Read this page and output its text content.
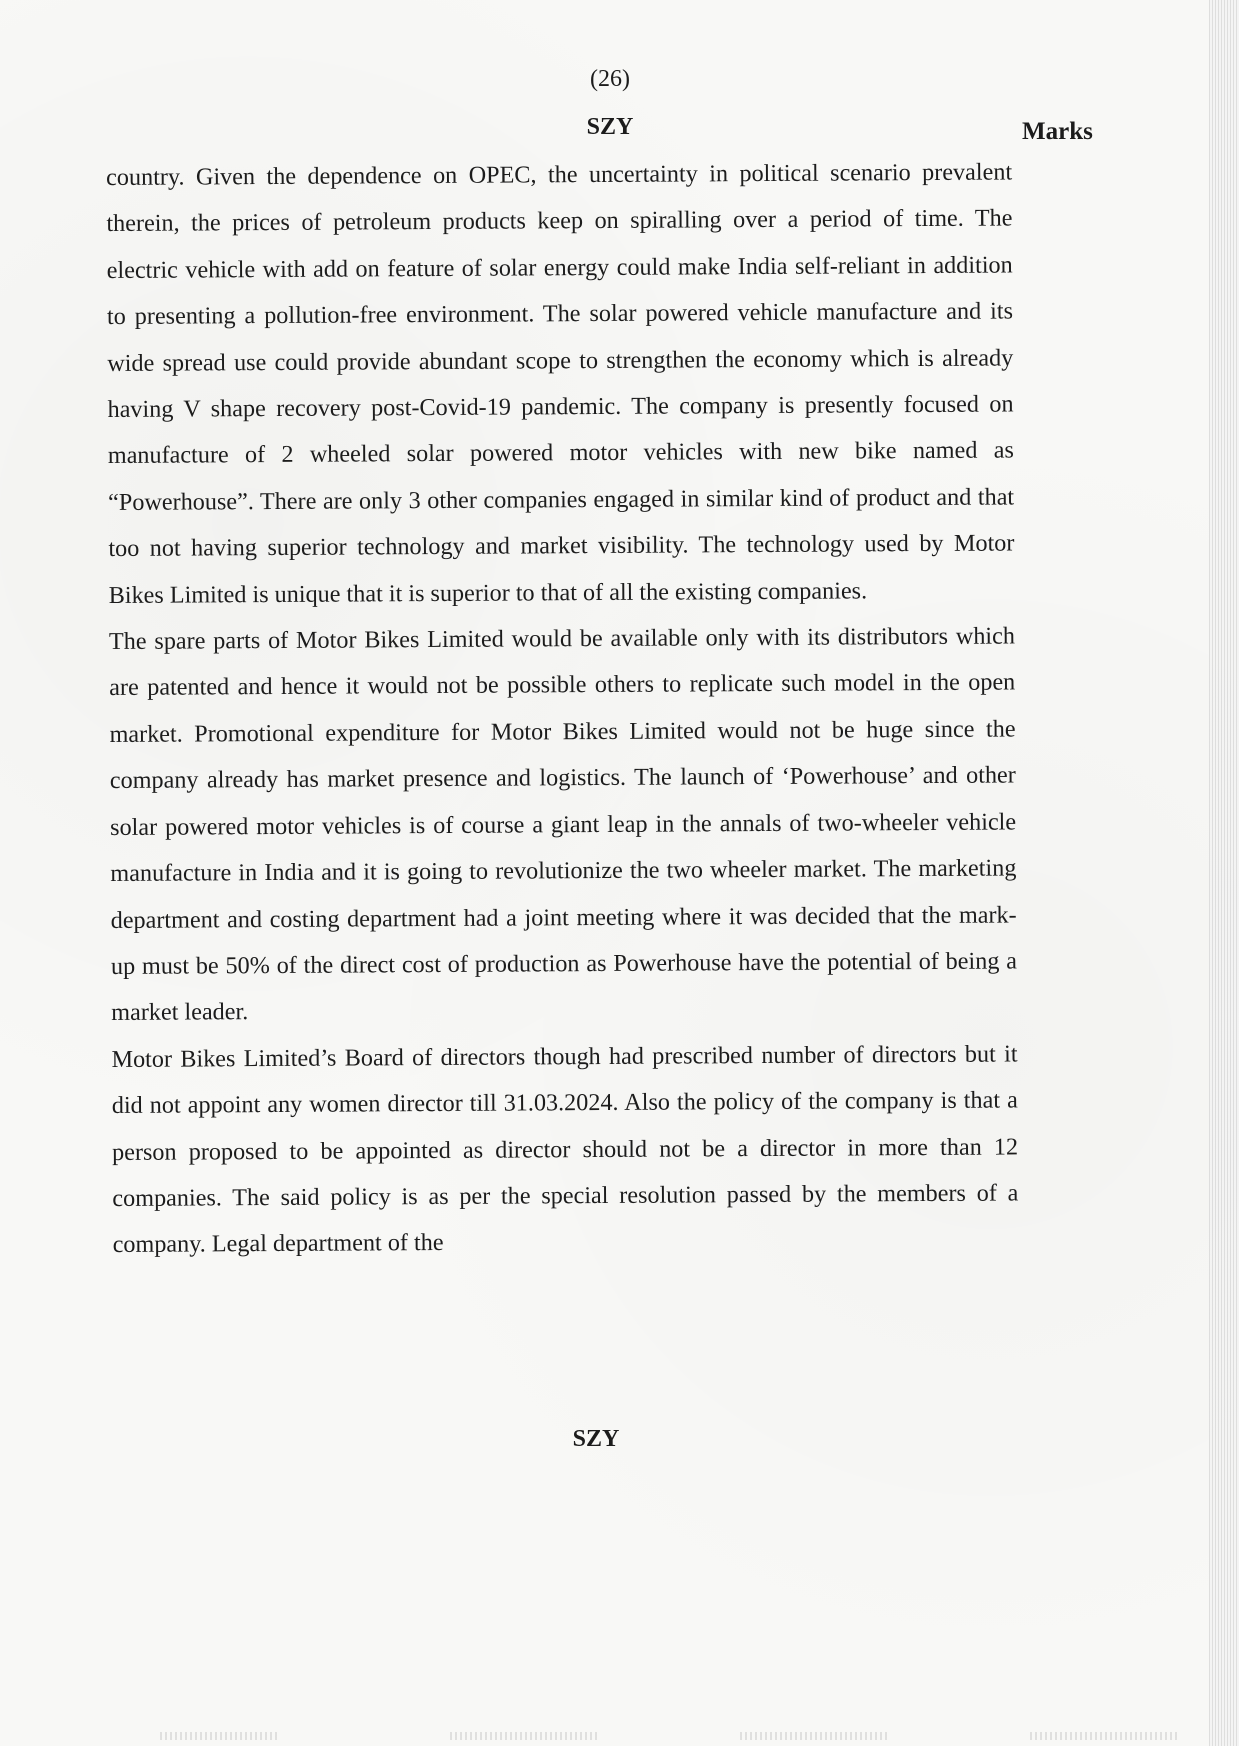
(26)
SZY	Marks

country. Given the dependence on OPEC, the uncertainty in political scenario prevalent therein, the prices of petroleum products keep on spiralling over a period of time. The electric vehicle with add on feature of solar energy could make India self-reliant in addition to presenting a pollution-free environment. The solar powered vehicle manufacture and its wide spread use could provide abundant scope to strengthen the economy which is already having V shape recovery post-Covid-19 pandemic. The company is presently focused on manufacture of 2 wheeled solar powered motor vehicles with new bike named as “Powerhouse”. There are only 3 other companies engaged in similar kind of product and that too not having superior technology and market visibility. The technology used by Motor Bikes Limited is unique that it is superior to that of all the existing companies.

The spare parts of Motor Bikes Limited would be available only with its distributors which are patented and hence it would not be possible others to replicate such model in the open market. Promotional expenditure for Motor Bikes Limited would not be huge since the company already has market presence and logistics. The launch of ‘Powerhouse’ and other solar powered motor vehicles is of course a giant leap in the annals of two-wheeler vehicle manufacture in India and it is going to revolutionize the two wheeler market. The marketing department and costing department had a joint meeting where it was decided that the mark-up must be 50% of the direct cost of production as Powerhouse have the potential of being a market leader.

Motor Bikes Limited’s Board of directors though had prescribed number of directors but it did not appoint any women director till 31.03.2024. Also the policy of the company is that a person proposed to be appointed as director should not be a director in more than 12 companies. The said policy is as per the special resolution passed by the members of a company. Legal department of the

SZY
